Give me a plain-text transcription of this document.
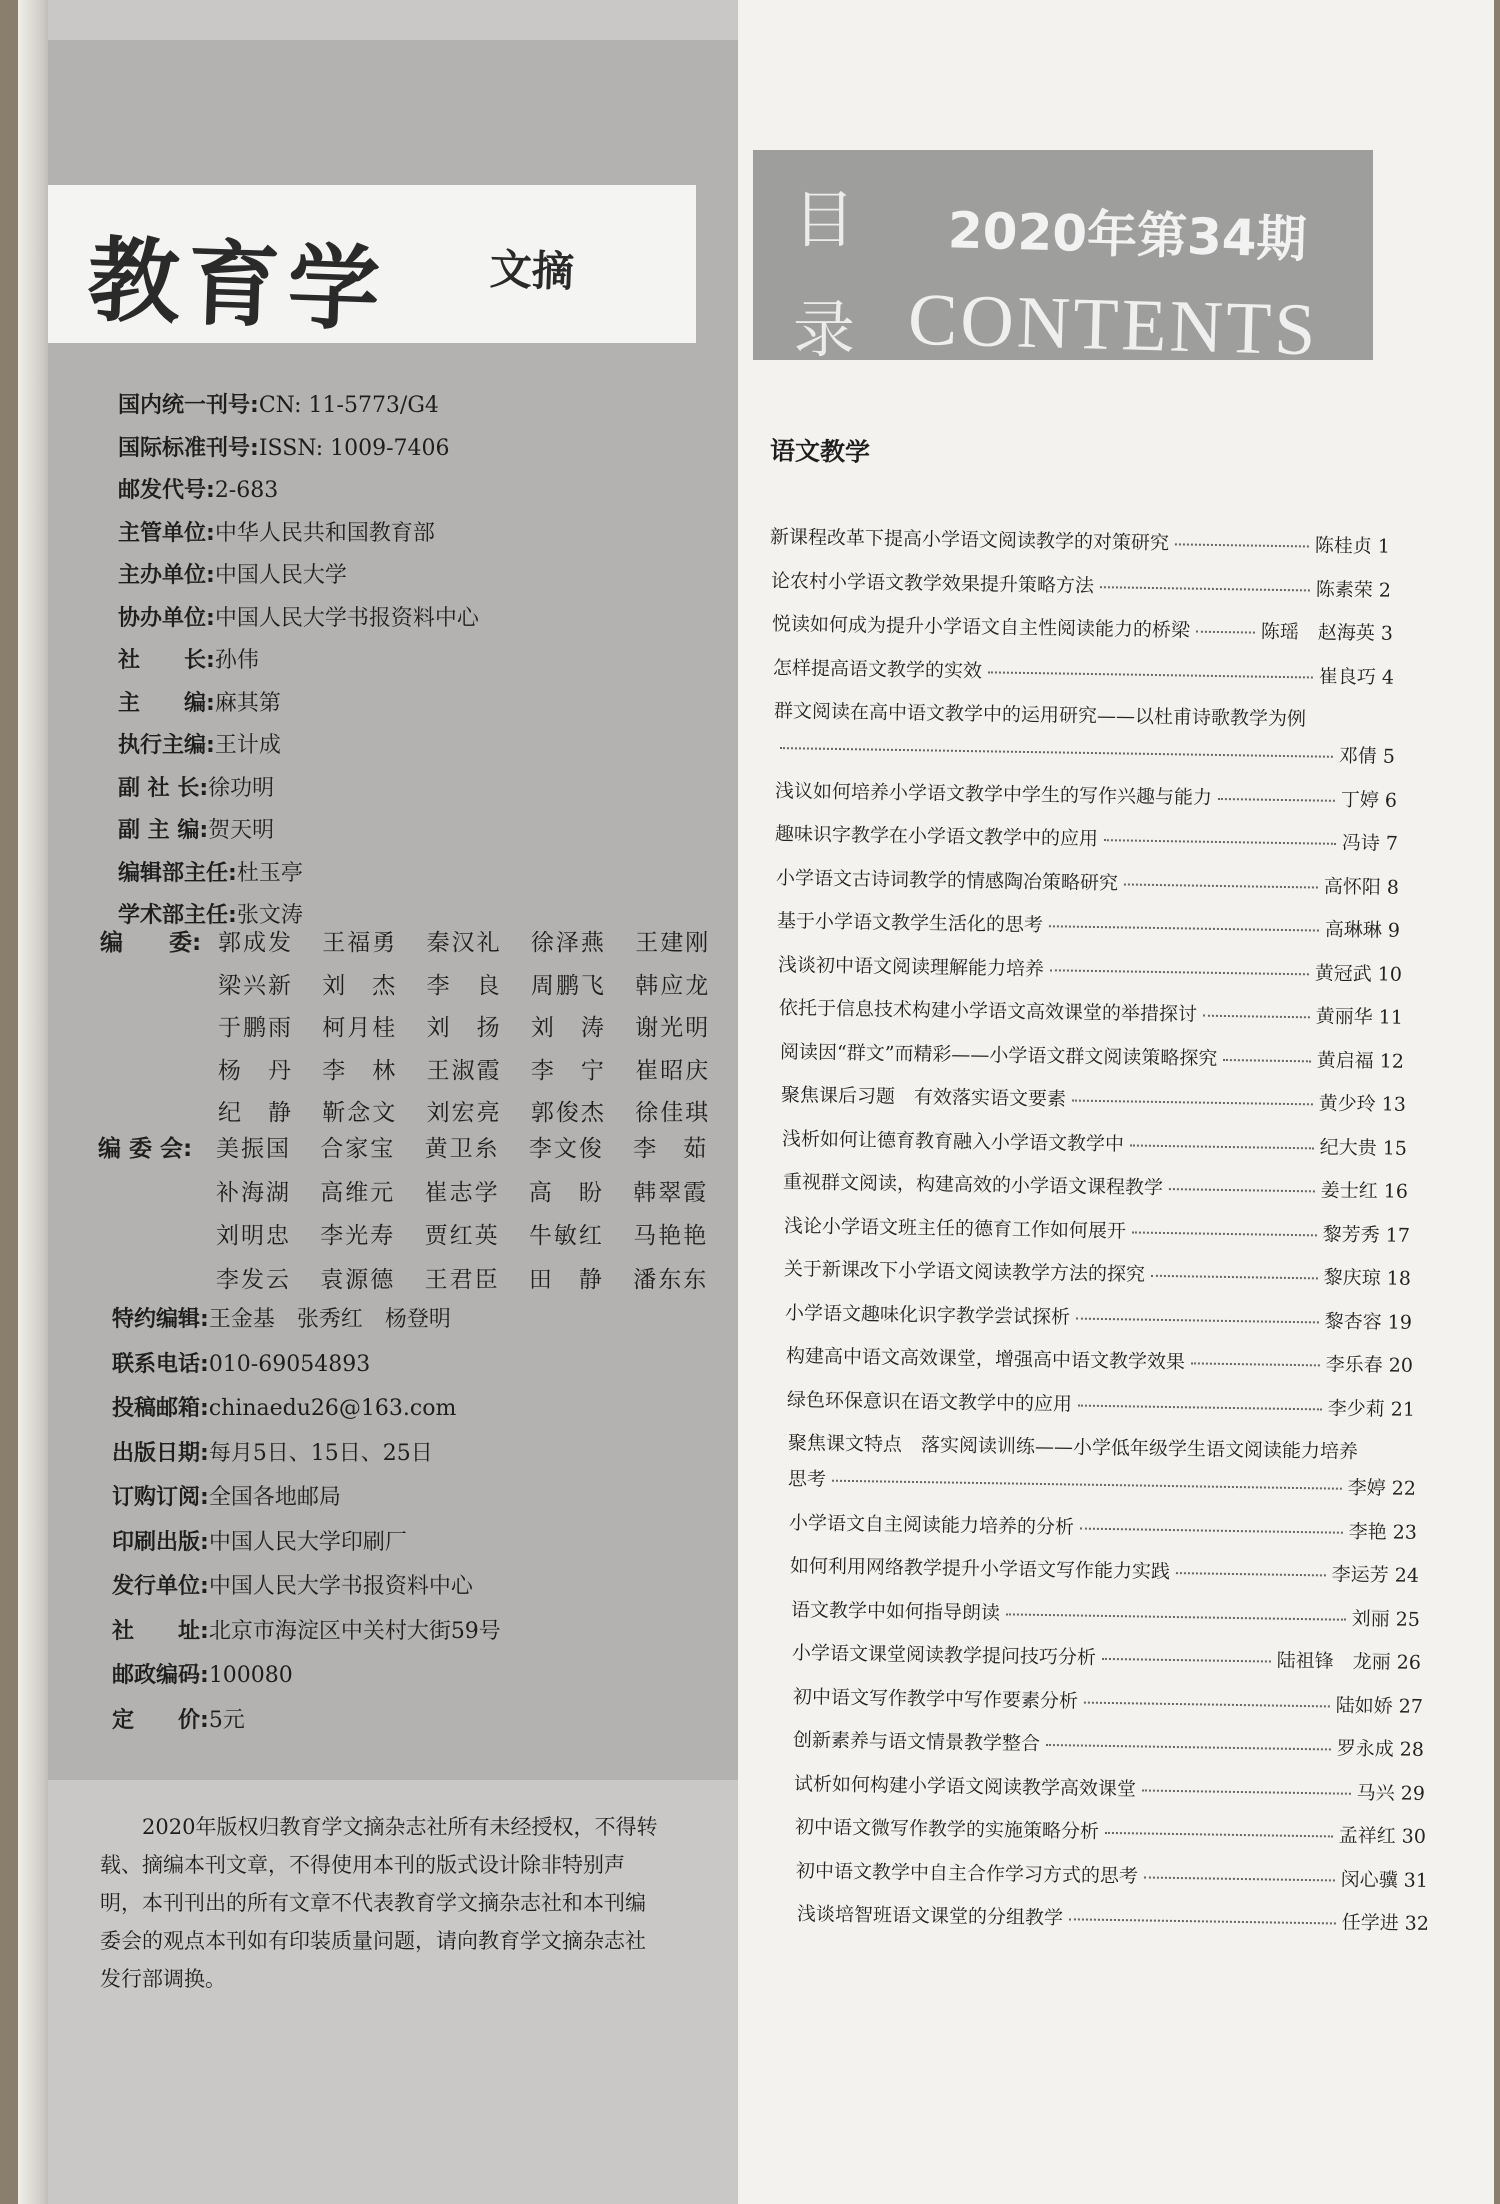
教育学 文摘
国内统一刊号:CN: 11-5773/G4
国际标准刊号:ISSN: 1009-7406
邮发代号:2-683
主管单位:中华人民共和国教育部
主办单位:中国人民大学
协办单位:中国人民大学书报资料中心
社　　长:孙伟
主　　编:麻其第
执行主编:王计成
副 社 长:徐功明
副 主 编:贺天明
编辑部主任:杜玉亭
学术部主任:张文涛
编　　委: 郭成发 王福勇 秦汉礼 徐泽燕 王建刚
梁兴新 刘　杰 李　良 周鹏飞 韩应龙
于鹏雨 柯月桂 刘　扬 刘　涛 谢光明
杨　丹 李　林 王淑霞 李　宁 崔昭庆
纪　静 靳念文 刘宏亮 郭俊杰 徐佳琪
编 委 会: 美振国 合家宝 黄卫糸 李文俊 李　茹
补海湖 高维元 崔志学 高　盼 韩翠霞
刘明忠 李光寿 贾红英 牛敏红 马艳艳
李发云 袁源德 王君臣 田　静 潘东东
特约编辑:王金基　张秀红　杨登明
联系电话:010-69054893
投稿邮箱:chinaedu26@163.com
出版日期:每月5日、15日、25日
订购订阅:全国各地邮局
印刷出版:中国人民大学印刷厂
发行单位:中国人民大学书报资料中心
社　　址:北京市海淀区中关村大街59号
邮政编码:100080
定　　价:5元
2020年版权归教育学文摘杂志社所有未经授权，不得转载、摘编本刊文章，不得使用本刊的版式设计除非特别声明，本刊刊出的所有文章不代表教育学文摘杂志社和本刊编委会的观点本刊如有印装质量问题，请向教育学文摘杂志社发行部调换。
目
录
2020年第34期
CONTENTS
语文教学
新课程改革下提高小学语文阅读教学的对策研究	陈桂贞 1
论农村小学语文教学效果提升策略方法	陈素荣 2
悦读如何成为提升小学语文自主性阅读能力的桥梁	陈瑶　赵海英 3
怎样提高语文教学的实效	崔良巧 4
群文阅读在高中语文教学中的运用研究——以杜甫诗歌教学为例
邓倩 5
浅议如何培养小学语文教学中学生的写作兴趣与能力	丁婷 6
趣味识字教学在小学语文教学中的应用	冯诗 7
小学语文古诗词教学的情感陶冶策略研究	高怀阳 8
基于小学语文教学生活化的思考	高琳琳 9
浅谈初中语文阅读理解能力培养	黄冠武 10
依托于信息技术构建小学语文高效课堂的举措探讨	黄丽华 11
阅读因“群文”而精彩——小学语文群文阅读策略探究	黄启福 12
聚焦课后习题　有效落实语文要素	黄少玲 13
浅析如何让德育教育融入小学语文教学中	纪大贵 15
重视群文阅读，构建高效的小学语文课程教学	姜士红 16
浅论小学语文班主任的德育工作如何展开	黎芳秀 17
关于新课改下小学语文阅读教学方法的探究	黎庆琼 18
小学语文趣味化识字教学尝试探析	黎杏容 19
构建高中语文高效课堂，增强高中语文教学效果	李乐春 20
绿色环保意识在语文教学中的应用	李少莉 21
聚焦课文特点　落实阅读训练——小学低年级学生语文阅读能力培养
思考	李婷 22
小学语文自主阅读能力培养的分析	李艳 23
如何利用网络教学提升小学语文写作能力实践	李运芳 24
语文教学中如何指导朗读	刘丽 25
小学语文课堂阅读教学提问技巧分析	陆祖锋　龙丽 26
初中语文写作教学中写作要素分析	陆如娇 27
创新素养与语文情景教学整合	罗永成 28
试析如何构建小学语文阅读教学高效课堂	马兴 29
初中语文微写作教学的实施策略分析	孟祥红 30
初中语文教学中自主合作学习方式的思考	闵心骥 31
浅谈培智班语文课堂的分组教学	任学进 32
